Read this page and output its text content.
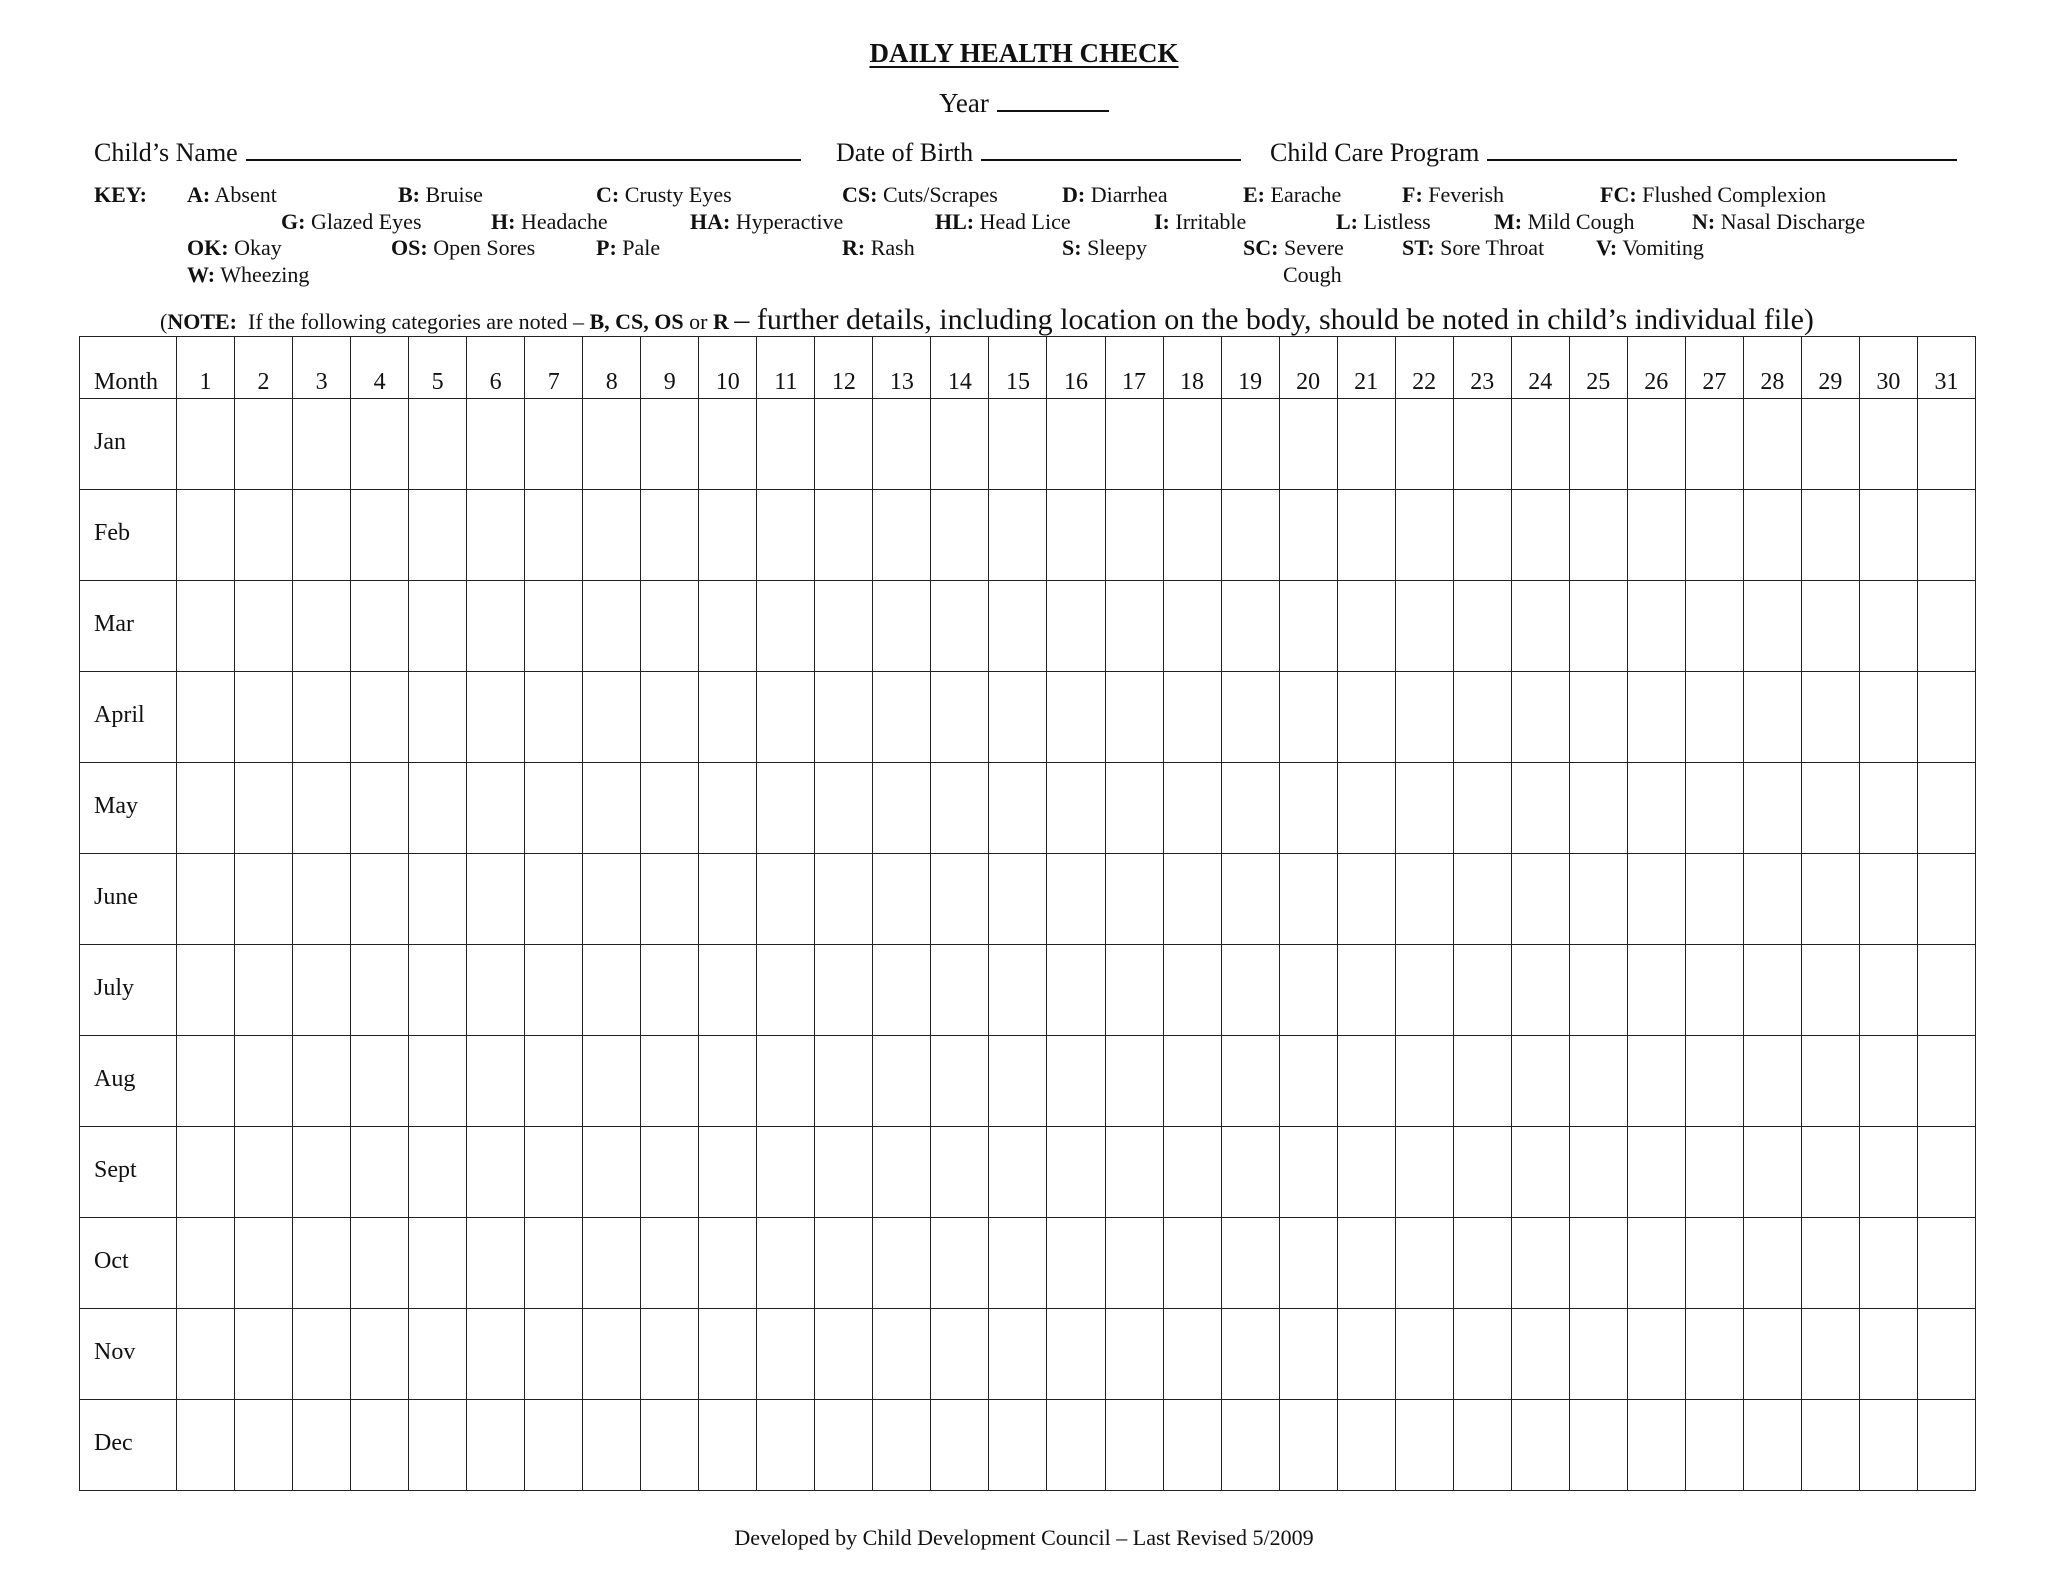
DAILY HEALTH CHECK
Year
Child’s Name	Date of Birth	Child Care Program
KEY: A: Absent	B: Bruise	C: Crusty Eyes	CS: Cuts/Scrapes	D: Diarrhea	E: Earache	F: Feverish	FC: Flushed Complexion
G: Glazed Eyes	H: Headache	HA: Hyperactive	HL: Head Lice	I: Irritable	L: Listless	M: Mild Cough	N: Nasal Discharge
OK: Okay	OS: Open Sores	P: Pale	R: Rash	S: Sleepy	SC: Severe	ST: Sore Throat V: Vomiting
W: Wheezing	Cough
(NOTE: If the following categories are noted – B, CS, OS or R – further details, including location on the body, should be noted in child’s individual file)
Month	1	2	3	4	5	6	7	8	9	10	11	12	13	14	15	16	17	18	19	20	21	22	23	24	25	26	27	28	29	30	31
Jan																															
Feb																															
Mar																															
April																															
May																															
June																															
July																															
Aug																															
Sept																															
Oct																															
Nov																															
Dec																															
Developed by Child Development Council – Last Revised 5/2009
